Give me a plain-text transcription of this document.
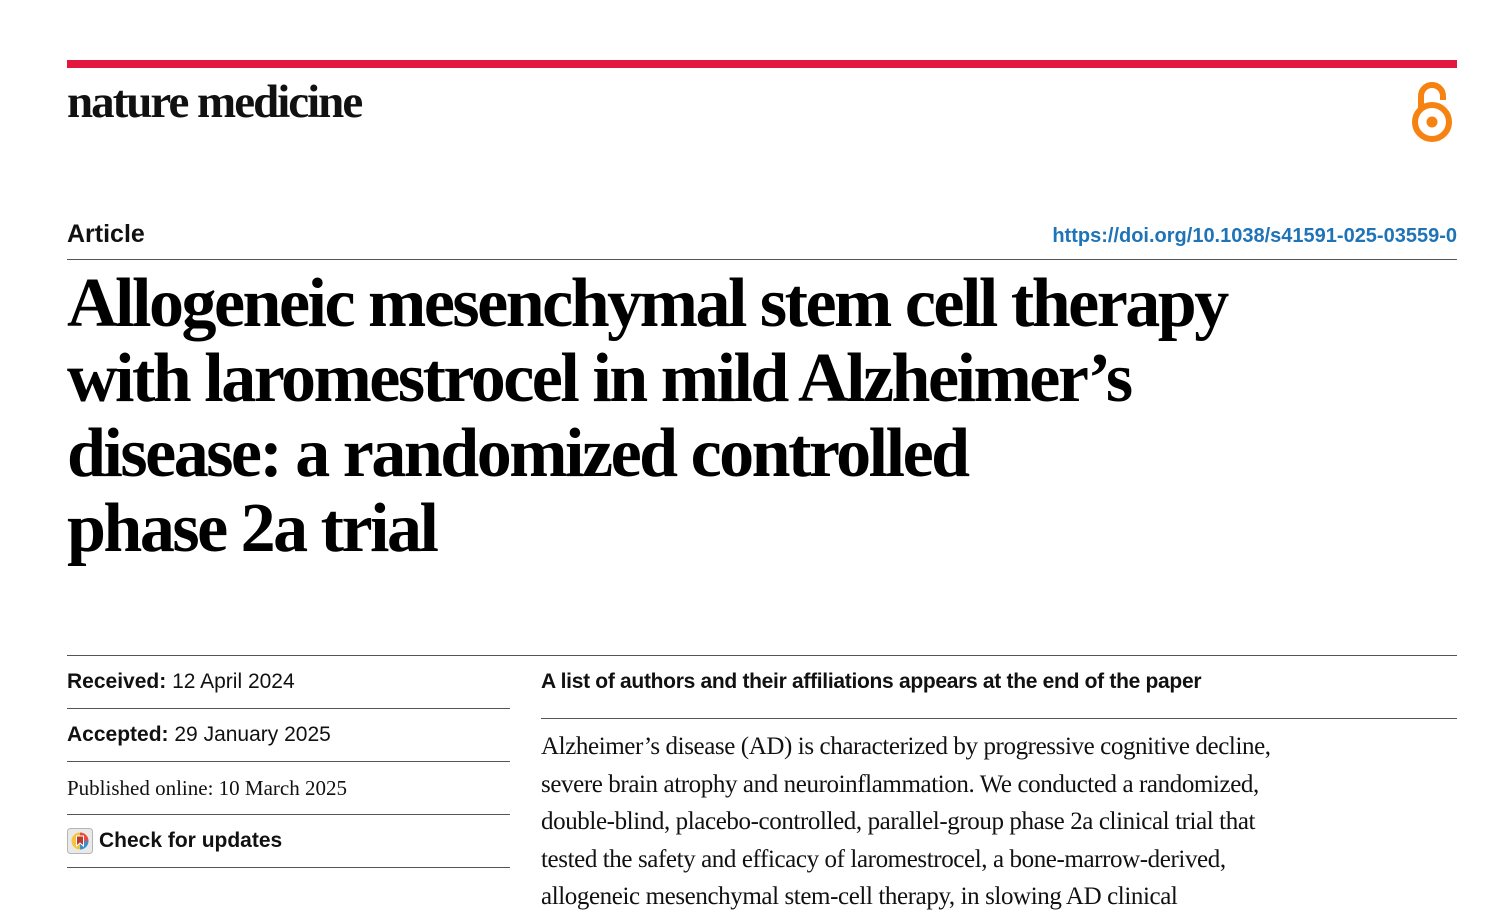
nature medicine
Article	https://doi.org/10.1038/s41591-025-03559-0
Allogeneic mesenchymal stem cell therapy
with laromestrocel in mild Alzheimer’s
disease: a randomized controlled
phase 2a trial
Received:
12 April 2024
Accepted:
29 January 2025
Published online:
10 March 2025
Check for updates
A list of authors and their affiliations appears at the end of the paper
Alzheimer’s disease (AD) is characterized by progressive cognitive decline,
severe brain atrophy and neuroinflammation. We conducted a randomized,
double-blind, placebo-controlled, parallel-group phase 2a clinical trial that
tested the safety and efficacy of laromestrocel, a bone-marrow-derived,
allogeneic mesenchymal stem-cell therapy, in slowing AD clinical
